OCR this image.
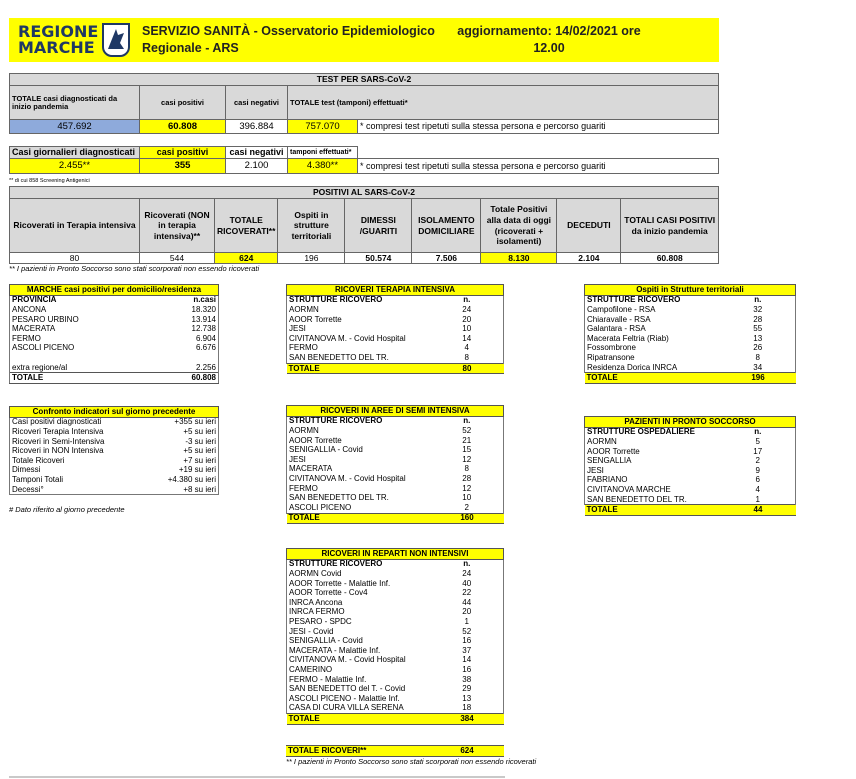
REGIONE
MARCHE
SERVIZIO SANITÀ - Osservatorio Epidemiologico
Regionale - ARS
aggiornamento: 14/02/2021 ore
12.00
TEST PER SARS-CoV-2				
TOTALE casi diagnosticati da inizio pandemia	casi positivi	casi negativi	TOTALE test (tamponi) effettuati*	
457.692	60.808	396.884	757.070	* compresi test ripetuti sulla stessa persona e percorso guariti
Casi giornalieri diagnosticati	casi positivi	casi negativi	tamponi effettuati*	
2.455**	355	2.100	4.380**	* compresi test ripetuti sulla stessa persona e percorso guariti
** di cui 858 Screening Antigenici
POSITIVI AL SARS-CoV-2								
Ricoverati in Terapia intensiva	Ricoverati (NON in terapia intensiva)**	TOTALE RICOVERATI**	Ospiti in strutture territoriali	DIMESSI /GUARITI	ISOLAMENTO DOMICILIARE	Totale Positivi alla data di oggi (ricoverati + isolamenti)	DECEDUTI	TOTALI CASI POSITIVI da inizio pandemia
80	544	624	196	50.574	7.506	8.130	2.104	60.808
** I pazienti in Pronto Soccorso sono stati scorporati non essendo ricoverati
MARCHE casi positivi per domicilio/residenza	
PROVINCIA	n.casi
ANCONA	18.320
PESARO URBINO	13.914
MACERATA	12.738
FERMO	6.904
ASCOLI PICENO	6.676

extra regione/al	2.256
TOTALE	60.808
Confronto indicatori sul giorno precedente	
Casi positivi diagnosticati	+355 su ieri
Ricoveri Terapia Intensiva	+5 su ieri
Ricoveri in Semi-Intensiva	-3 su ieri
Ricoveri in NON Intensiva	+5 su ieri
Totale Ricoveri	+7 su ieri
Dimessi	+19 su ieri
Tamponi Totali	+4.380 su ieri
Decessi°	+8 su ieri
# Dato riferito al giorno precedente
RICOVERI TERAPIA INTENSIVA	
STRUTTURE RICOVERO	n.
AORMN	24
AOOR Torrette	20
JESI	10
CIVITANOVA M. - Covid Hospital	14
FERMO	4
SAN BENEDETTO DEL TR.	8
TOTALE	80
RICOVERI IN AREE DI SEMI INTENSIVA	
STRUTTURE RICOVERO	n.
AORMN	52
AOOR Torrette	21
SENIGALLIA - Covid	15
JESI	12
MACERATA	8
CIVITANOVA M. - Covid Hospital	28
FERMO	12
SAN BENEDETTO DEL TR.	10
ASCOLI PICENO	2
TOTALE	160
RICOVERI IN REPARTI NON INTENSIVI	
STRUTTURE RICOVERO	n.
AORMN Covid	24
AOOR Torrette - Malattie Inf.	40
AOOR Torrette - Cov4	22
INRCA Ancona	44
INRCA FERMO	20
PESARO - SPDC	1
JESI - Covid	52
SENIGALLIA - Covid	16
MACERATA - Malattie Inf.	37
CIVITANOVA M. - Covid Hospital	14
CAMERINO	16
FERMO - Malattie Inf.	38
SAN BENEDETTO del T. - Covid	29
ASCOLI PICENO - Malattie Inf.	13
CASA DI CURA VILLA SERENA	18
TOTALE	384
TOTALE RICOVERI**	624
** I pazienti in Pronto Soccorso sono stati scorporati non essendo ricoverati
Ospiti in Strutture territoriali	
STRUTTURE RICOVERO	n.
Campofilone - RSA	32
Chiaravalle - RSA	28
Galantara - RSA	55
Macerata Feltria (Riab)	13
Fossombrone	26
Ripatransone	8
Residenza Dorica INRCA	34
TOTALE	196
PAZIENTI IN PRONTO SOCCORSO	
STRUTTURE OSPEDALIERE	n.
AORMN	5
AOOR Torrette	17
SENGALLIA	2
JESI	9
FABRIANO	6
CIVITANOVA MARCHE	4
SAN BENEDETTO DEL TR.	1
TOTALE	44
